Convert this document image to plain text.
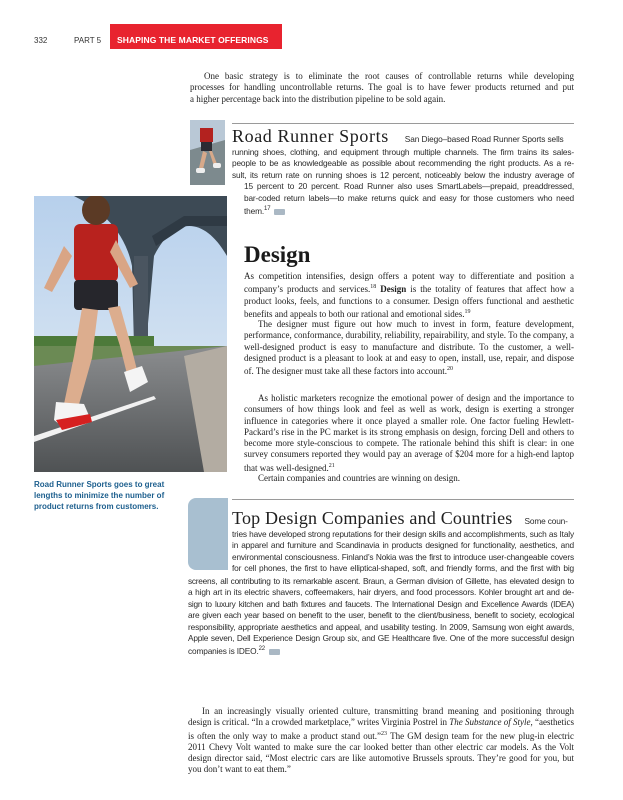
332	PART 5 SHAPING THE MARKET OFFERINGS
One basic strategy is to eliminate the root causes of controllable returns while developing
processes for handling uncontrollable returns. The goal is to have fewer products returned and put
a higher percentage back into the distribution pipeline to be sold again.
Road Runner Sports San Diego–based Road Runner Sports sells
running shoes, clothing, and equipment through multiple channels. The firm trains its sales-
people to be as knowledgeable as possible about recommending the right products. As a re-
sult, its return rate on running shoes is 12 percent, noticeably below the industry average of
15 percent to 20 percent. Road Runner also uses SmartLabels—prepaid, preaddressed,
bar-coded return labels—to make returns quick and easy for those customers who need
them.$^{17}$
Road Runner Sports goes to great lengths to minimize the number of product returns from customers.
Design
As competition intensifies, design offers a potent way to differentiate and position a company’s products and services.$^{18}$ Design is the totality of features that affect how a product looks, feels, and functions to a consumer. Design offers functional and aesthetic benefits and appeals to both our rational and emotional sides.$^{19}$
The designer must figure out how much to invest in form, feature development, performance, conformance, durability, reliability, repairability, and style. To the company, a well-designed product is easy to manufacture and distribute. To the customer, a well-designed product is a pleasant to look at and easy to open, install, use, repair, and dispose of. The designer must take all these factors into account.$^{20}$
As holistic marketers recognize the emotional power of design and the importance to consumers of how things look and feel as well as work, design is exerting a stronger influence in categories where it once played a smaller role. One factor fueling Hewlett-Packard’s rise in the PC market is its strong emphasis on design, forcing Dell and others to become more style-conscious to compete. The rationale behind this shift is clear: in one survey consumers reported they would pay an average of $204 more for a high-end laptop that was well-designed.$^{21}$
Certain companies and countries are winning on design.
Top Design Companies and Countries Some coun-
tries have developed strong reputations for their design skills and accomplishments, such as Italy
in apparel and furniture and Scandinavia in products designed for functionality, aesthetics, and
environmental consciousness. Finland’s Nokia was the first to introduce user-changeable covers
for cell phones, the first to have elliptical-shaped, soft, and friendly forms, and the first with big
screens, all contributing to its remarkable ascent. Braun, a German division of Gillette, has elevated design to
a high art in its electric shavers, coffeemakers, hair dryers, and food processors. Kohler brought art and de-
sign to luxury kitchen and bath fixtures and faucets. The International Design and Excellence Awards (IDEA)
are given each year based on benefit to the user, benefit to the client/business, benefit to society, ecological
responsibility, appropriate aesthetics and appeal, and usability testing. In 2009, Samsung won eight awards,
Apple seven, Dell Experience Design Group six, and GE Healthcare five. One of the more successful design
companies is IDEO.$^{22}$
In an increasingly visually oriented culture, transmitting brand meaning and positioning through design is critical. “In a crowded marketplace,” writes Virginia Postrel in The Substance of Style, “aesthetics is often the only way to make a product stand out.”$^{23}$ The GM design team for the new plug-in electric 2011 Chevy Volt wanted to make sure the car looked better than other electric car models. As the Volt design director said, “Most electric cars are like automotive Brussels sprouts. They’re good for you, but you don’t want to eat them.”
